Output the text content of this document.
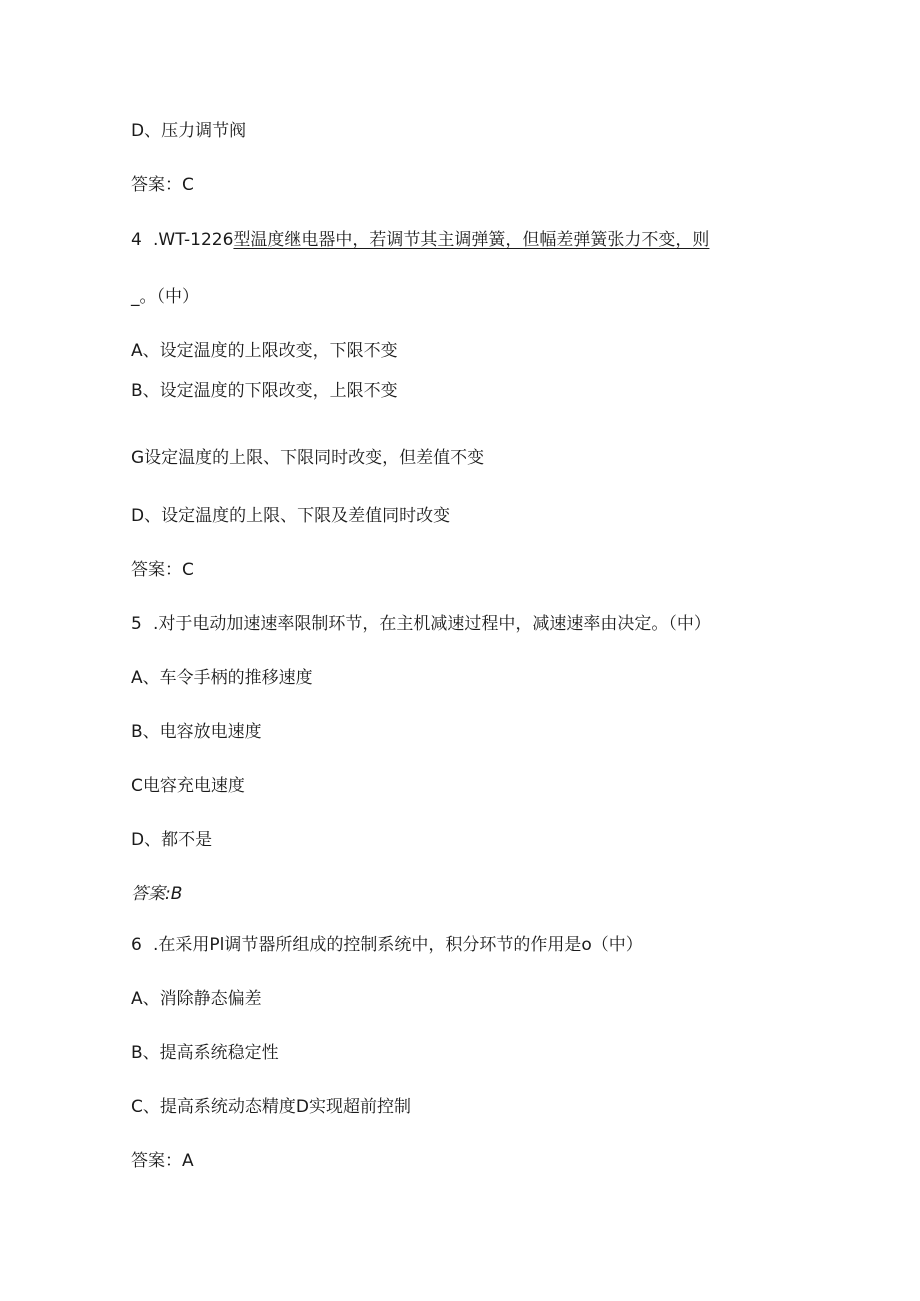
D、压力调节阀
答案：C
4 .WT-1226型温度继电器中，若调节其主调弹簧，但幅差弹簧张力不变，则
_。（中）
A、设定温度的上限改变，下限不变
B、设定温度的下限改变，上限不变
G设定温度的上限、下限同时改变，但差值不变
D、设定温度的上限、下限及差值同时改变
答案：C
5 .对于电动加速速率限制环节，在主机减速过程中，减速速率由决定。（中）
A、车令手柄的推移速度
B、电容放电速度
C电容充电速度
D、都不是
答案:B
6 .在采用Pl调节器所组成的控制系统中，积分环节的作用是o（中）
A、消除静态偏差
B、提高系统稳定性
C、提高系统动态精度D实现超前控制
答案：A
